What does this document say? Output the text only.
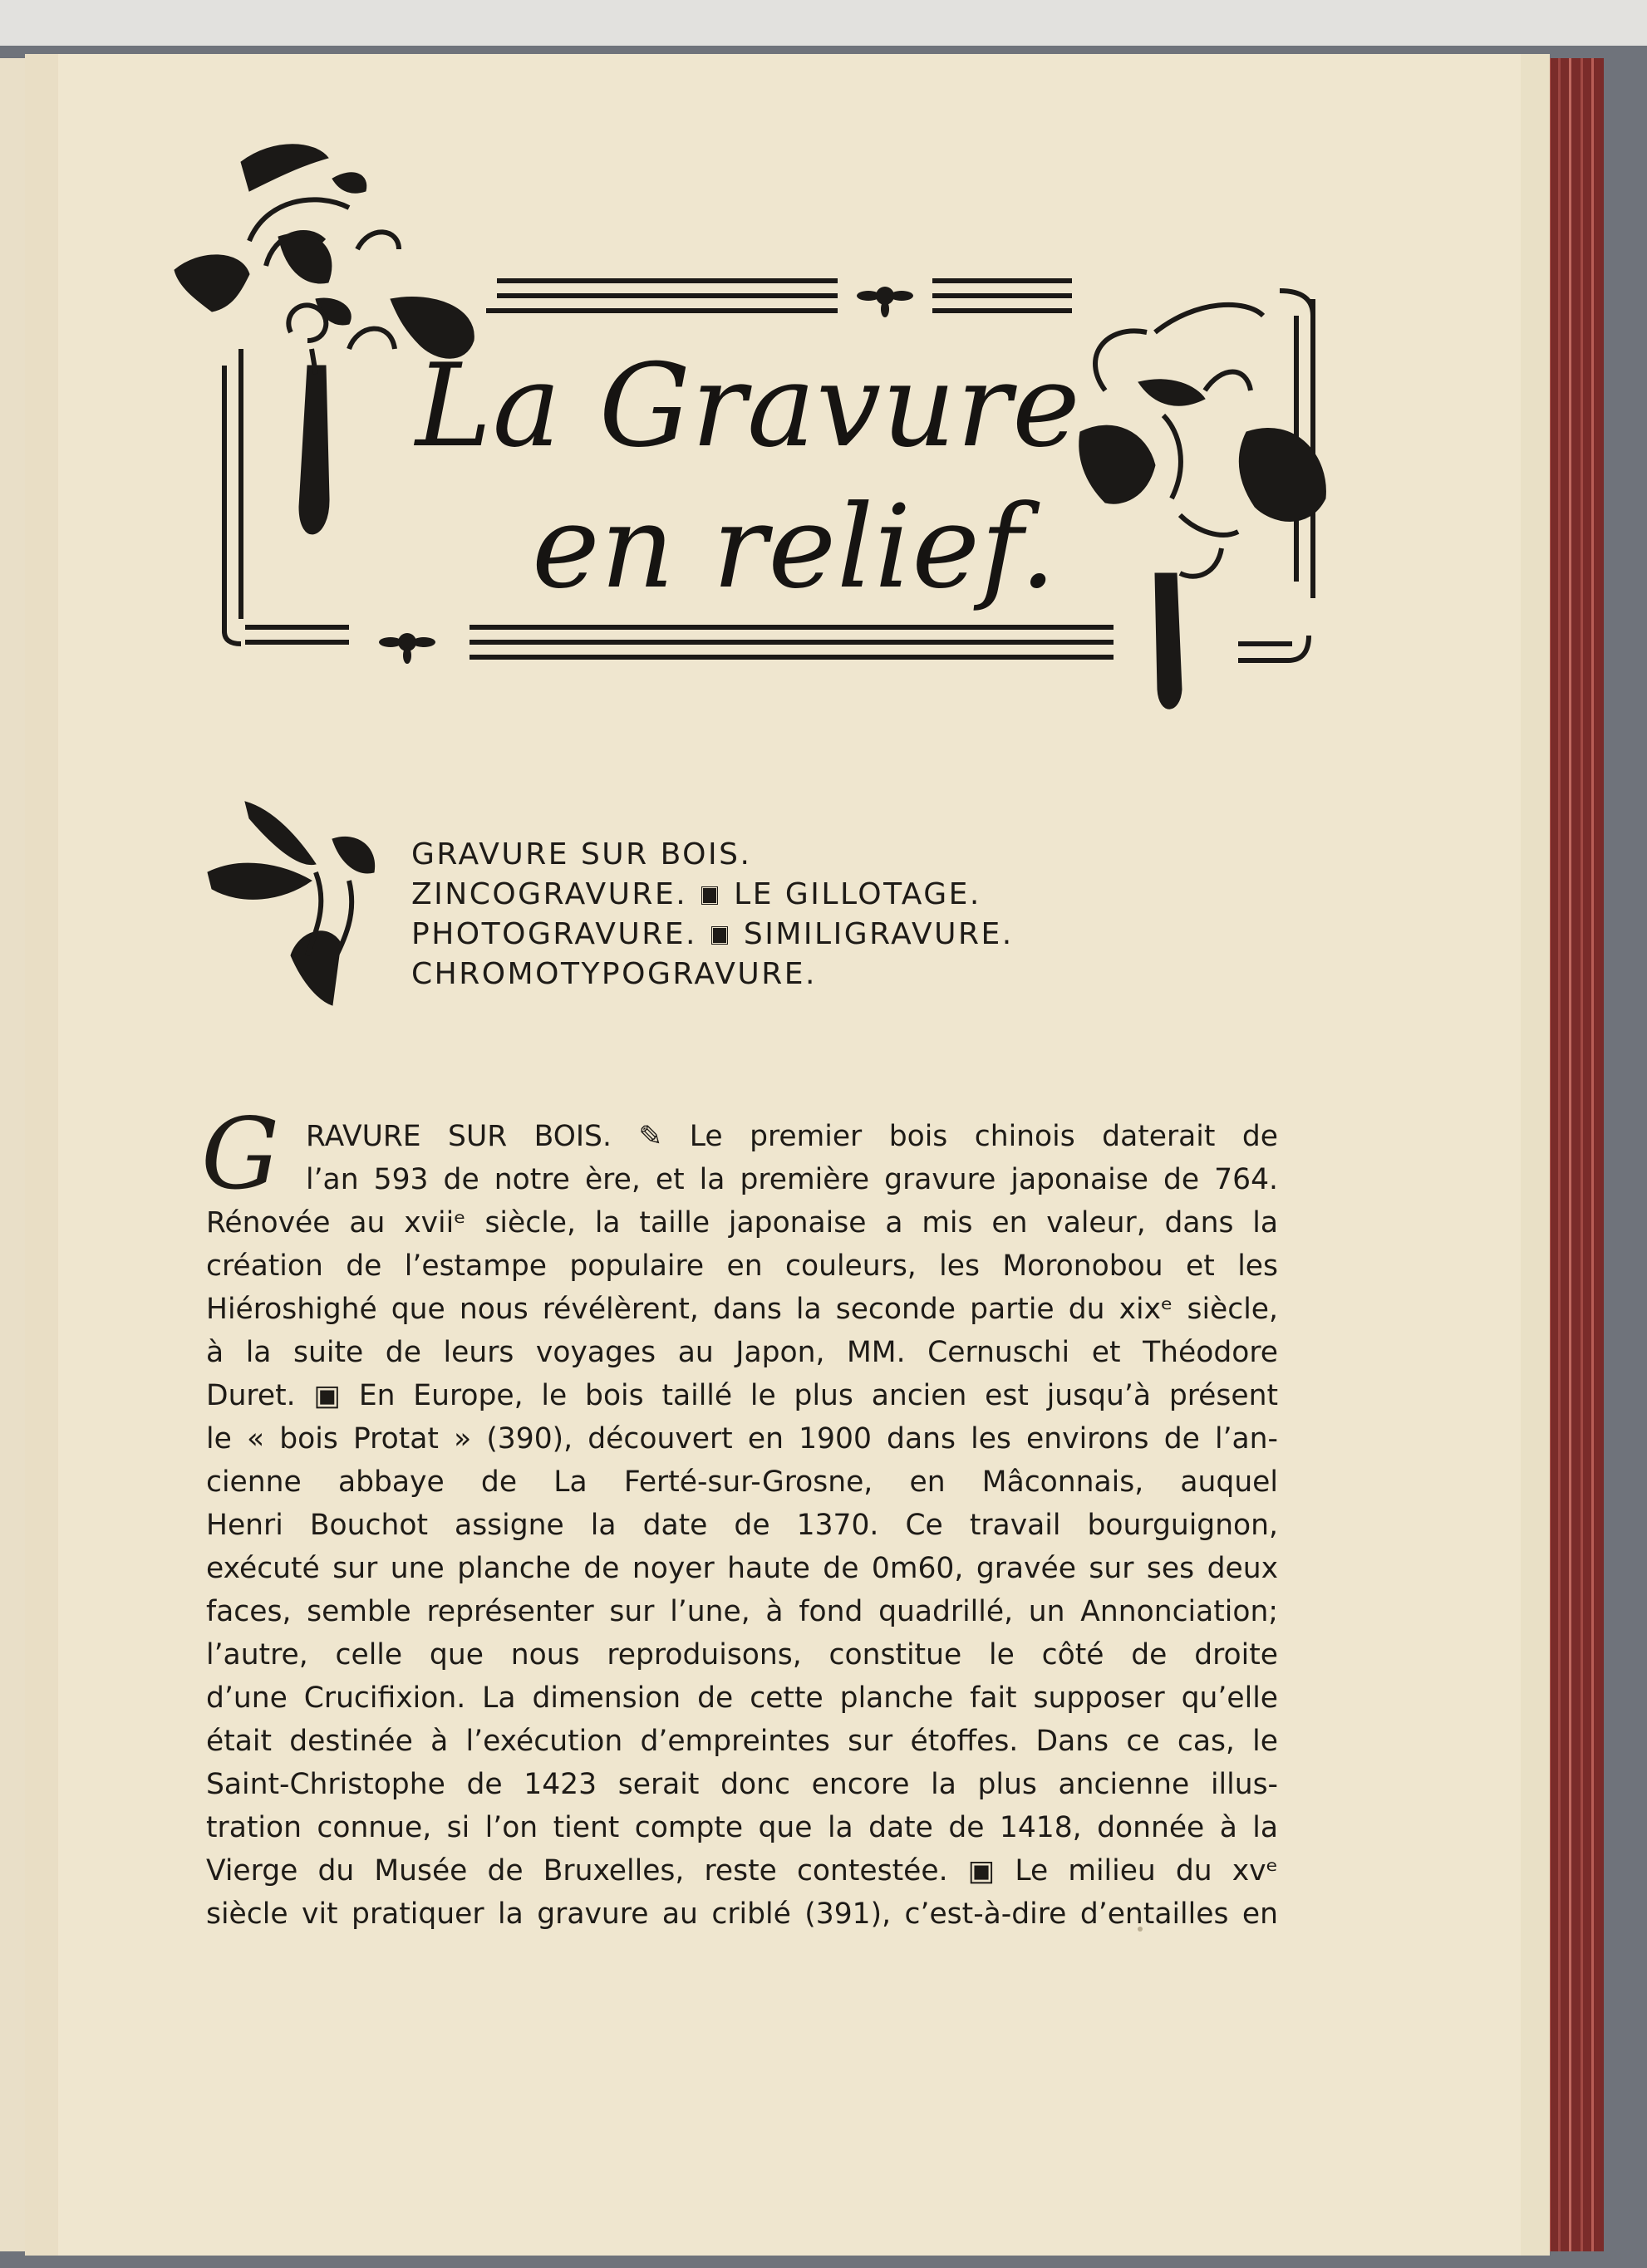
La Gravure
en relief.
GRAVURE SUR BOIS.
ZINCOGRAVURE. LE GILLOTAGE.
PHOTOGRAVURE. SIMILIGRAVURE.
CHROMOTYPOGRAVURE.
G RAVURE SUR BOIS. ✎ Le premier bois chinois daterait de
l’an 593 de notre ère, et la première gravure japonaise de 764.
Rénovée au xviiᵉ siècle, la taille japonaise a mis en valeur, dans la
création de l’estampe populaire en couleurs, les Moronobou et les
Hiéroshighé que nous révélèrent, dans la seconde partie du xixᵉ siècle,
à la suite de leurs voyages au Japon, MM. Cernuschi et Théodore
Duret. ▣ En Europe, le bois taillé le plus ancien est jusqu’à présent
le « bois Protat » (390), découvert en 1900 dans les environs de l’an-
cienne abbaye de La Ferté-sur-Grosne, en Mâconnais, auquel
Henri Bouchot assigne la date de 1370. Ce travail bourguignon,
exécuté sur une planche de noyer haute de 0m60, gravée sur ses deux
faces, semble représenter sur l’une, à fond quadrillé, un Annonciation;
l’autre, celle que nous reproduisons, constitue le côté de droite
d’une Crucifixion. La dimension de cette planche fait supposer qu’elle
était destinée à l’exécution d’empreintes sur étoffes. Dans ce cas, le
Saint-Christophe de 1423 serait donc encore la plus ancienne illus-
tration connue, si l’on tient compte que la date de 1418, donnée à la
Vierge du Musée de Bruxelles, reste contestée. ▣ Le milieu du xvᵉ
siècle vit pratiquer la gravure au criblé (391), c’est-à-dire d’entailles en
